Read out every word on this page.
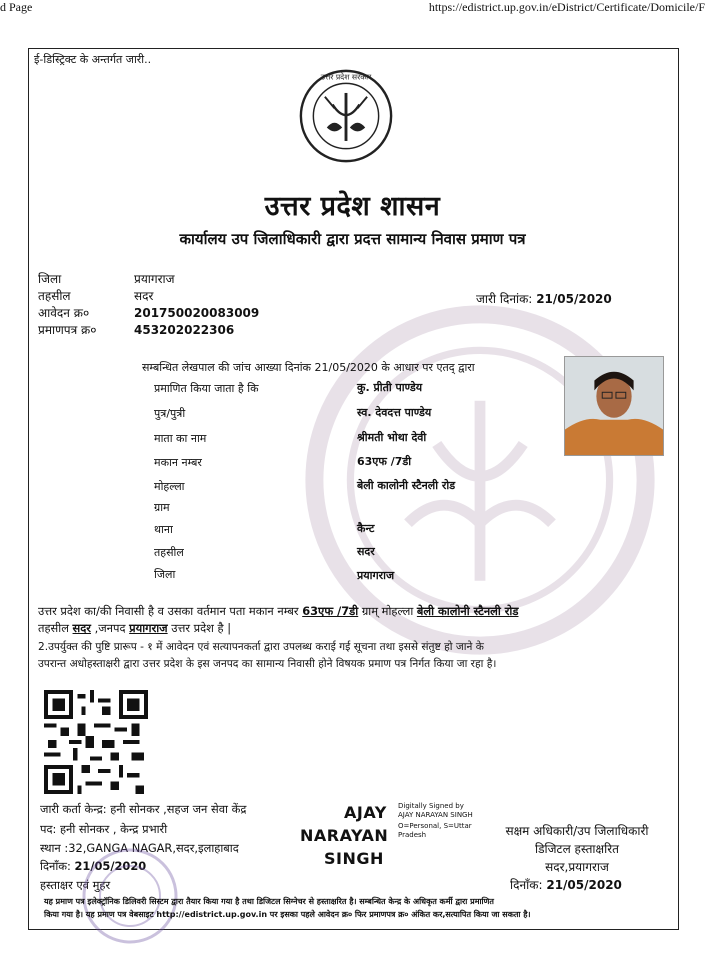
d Page	https://edistrict.up.gov.in/eDistrict/Certificate/Domicile/F
ई-डिस्ट्रिक्ट के अन्तर्गत जारी..
उत्तर प्रदेश सरकार
उत्तर प्रदेश शासन
कार्यालय उप जिलाधिकारी द्वारा प्रदत्त सामान्य निवास प्रमाण पत्र
जिला	प्रयागराज
तहसील	सदर
आवेदन क्र०	201750020083009
प्रमाणपत्र क्र०	453202022306
जारी दिनांक: 21/05/2020
सम्बन्धित लेखपाल की जांच आख्या दिनांक 21/05/2020 के आधार पर एतद् द्वारा
प्रमाणित किया जाता है कि	कु. प्रीती पाण्डेय
पुत्र/पुत्री	स्व. देवदत्त पाण्डेय
माता का नाम	श्रीमती भोथा देवी
मकान नम्बर	63एफ /7डी
मोहल्ला	बेली कालोनी स्टैनली रोड
ग्राम
थाना	कैन्ट
तहसील	सदर
जिला	प्रयागराज
उत्तर प्रदेश का/की निवासी है व उसका वर्तमान पता मकान नम्बर 63एफ /7डी ग्राम् मोहल्ला बेली कालोनी स्टैनली रोड
तहसील सदर ,जनपद प्रयागराज उत्तर प्रदेश है |
2.उपर्युक्त की पुष्टि प्रारूप - १ में आवेदन एवं सत्यापनकर्ता द्वारा उपलब्ध कराई गई सूचना तथा इससे संतुष्ट हो जाने के
उपरान्त अधोहस्ताक्षरी द्वारा उत्तर प्रदेश के इस जनपद का सामान्य निवासी होने विषयक प्रमाण पत्र निर्गत किया जा रहा है।
जारी कर्ता केन्द्र: हनी सोनकर ,सहज जन सेवा केंद्र
पद: हनी सोनकर , केन्द्र प्रभारी
स्थान :32,GANGA NAGAR,सदर,इलाहाबाद
दिनाँक: 21/05/2020
हस्ताक्षर एवं मुहर
AJAY
NARAYAN
SINGH
Digitally Signed by
AJAY NARAYAN SINGH
O=Personal, S=Uttar
Pradesh	सक्षम अधिकारी/उप जिलाधिकारी
डिजिटल हस्ताक्षरित
सदर,प्रयागराज
दिनाँक: 21/05/2020
यह प्रमाण पत्र इलेक्ट्रॉनिक डिलिवरी सिस्टम द्वारा तैयार किया गया है तथा डिजिटल सिग्नेचर से हस्ताक्षरित है। सम्बन्धित केन्द्र के अधिकृत कर्मी द्वारा प्रमाणित
किया गया है। यह प्रमाण पत्र वेबसाइट http://edistrict.up.gov.in पर इसका पहले आवेदन क्र० फिर प्रमाणपत्र क्र० अंकित कर,सत्यापित किया जा सकता है।
